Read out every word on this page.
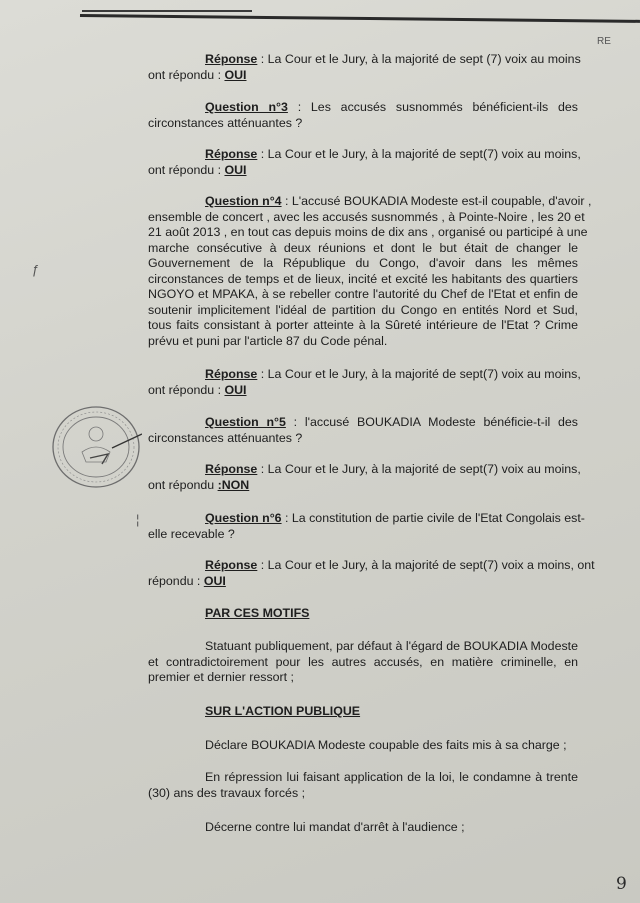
RE
ƒ
¦
Réponse : La Cour et le Jury, à la majorité de sept (7) voix au moins
ont répondu : OUI
Question n°3 : Les accusés susnommés bénéficient-ils des
circonstances atténuantes ?
Réponse : La Cour et le Jury, à la majorité de sept(7) voix au moins,
ont répondu : OUI
Question n°4 : L'accusé BOUKADIA Modeste est-il coupable, d'avoir ,
ensemble de concert , avec les accusés susnommés , à Pointe-Noire , les 20 et
21 août 2013 , en tout cas depuis moins de dix ans , organisé ou participé à une
marche consécutive à deux réunions et dont le but était de changer le
Gouvernement de la République du Congo, d'avoir dans les mêmes
circonstances de temps et de lieux, incité et excité les habitants des quartiers
NGOYO et MPAKA, à se rebeller contre l'autorité du Chef de l'Etat et enfin de
soutenir implicitement l'idéal de partition du Congo en entités Nord et Sud,
tous faits consistant à porter atteinte à la Sûreté intérieure de l'Etat ? Crime
prévu et puni par l'article 87 du Code pénal.
Réponse : La Cour et le Jury, à la majorité de sept(7) voix au moins,
ont répondu : OUI
Question n°5 : l'accusé BOUKADIA Modeste bénéficie-t-il des
circonstances atténuantes ?
Réponse : La Cour et le Jury, à la majorité de sept(7) voix au moins,
ont répondu :NON
Question n°6 : La constitution de partie civile de l'Etat Congolais est-
elle recevable ?
Réponse : La Cour et le Jury, à la majorité de sept(7) voix a moins, ont
répondu : OUI
PAR CES MOTIFS
Statuant publiquement, par défaut à l'égard de BOUKADIA Modeste
et contradictoirement pour les autres accusés, en matière criminelle, en
premier et dernier ressort ;
SUR L'ACTION PUBLIQUE
Déclare BOUKADIA Modeste coupable des faits mis à sa charge ;
En répression lui faisant application de la loi, le condamne à trente
(30) ans des travaux forcés ;
Décerne contre lui mandat d'arrêt à l'audience ;
9
